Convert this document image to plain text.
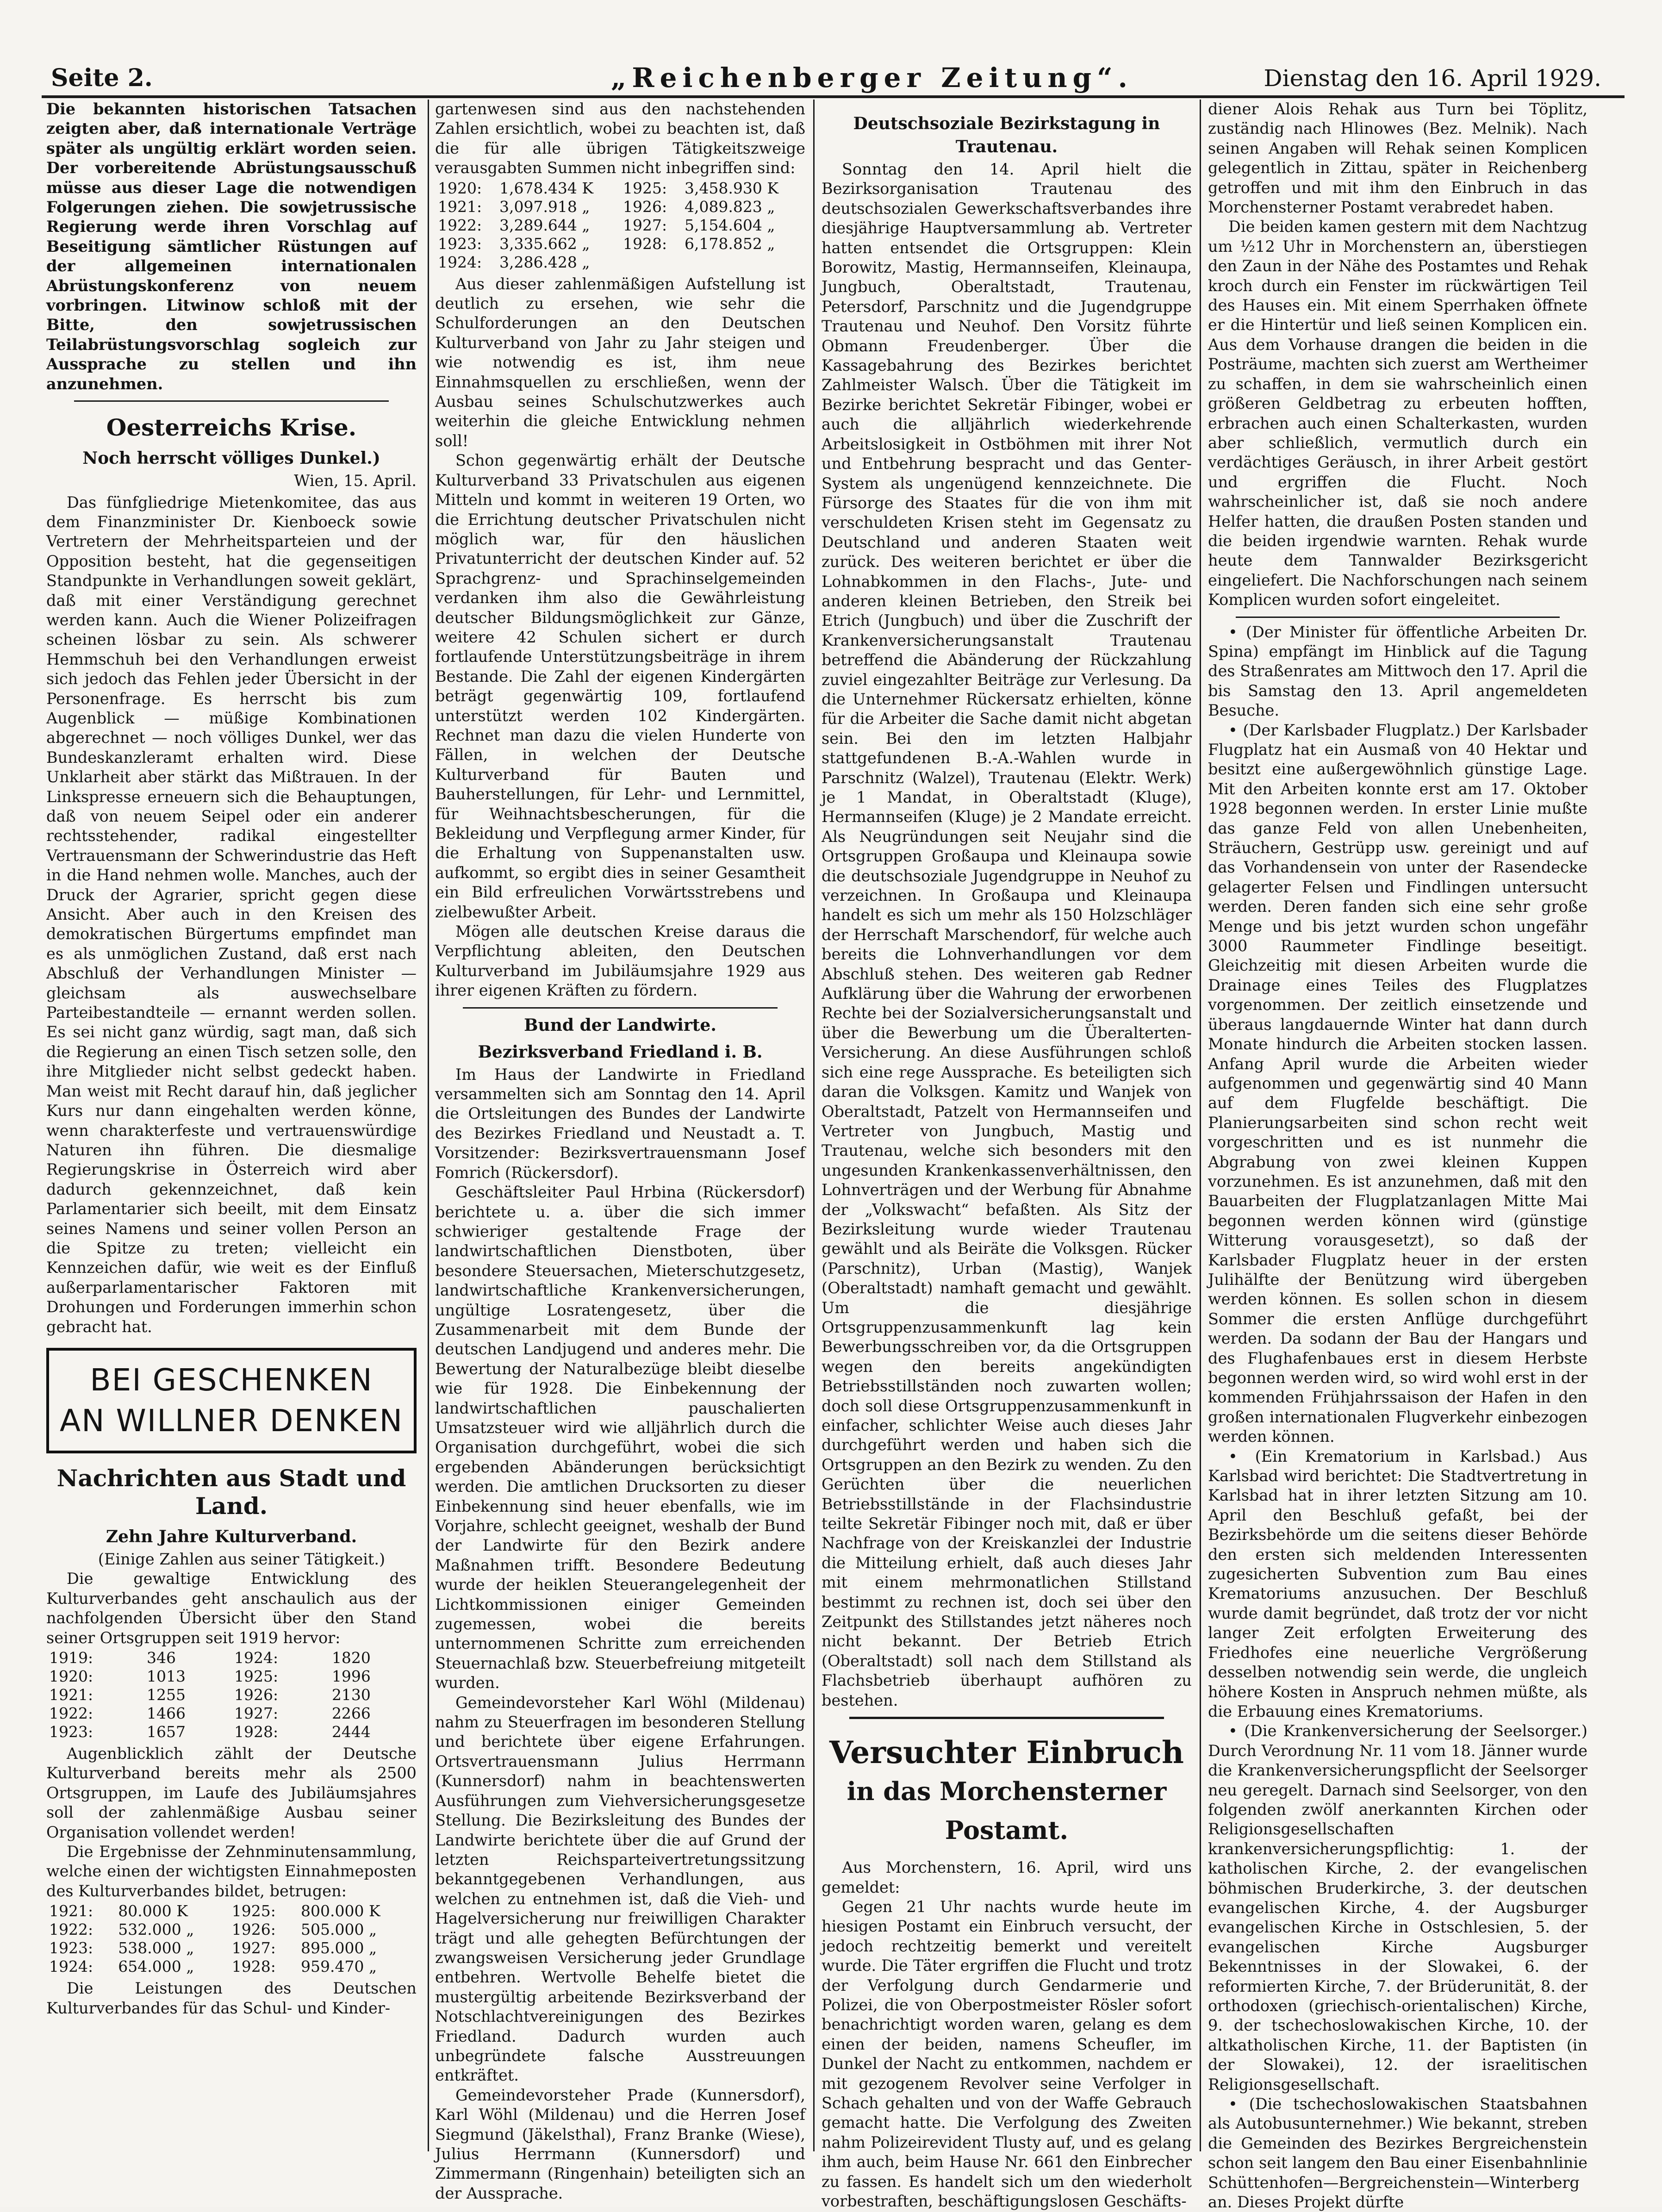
Seite 2.	„Reichenberger Zeitung“.	Dienstag den 16. April 1929.

Die bekannten historischen Tatsachen zeigten aber, daß internationale Verträge später als ungültig erklärt worden seien. Der vorbereitende Abrüstungsausschuß müsse aus dieser Lage die notwendigen Folgerungen ziehen. Die sowjetrussische Regierung werde ihren Vorschlag auf Beseitigung sämtlicher Rüstungen auf der allgemeinen internationalen Abrüstungskonferenz von neuem vorbringen. Litwinow schloß mit der Bitte, den sowjetrussischen Teilabrüstungsvorschlag sogleich zur Aussprache zu stellen und ihn anzunehmen.

Oesterreichs Krise.
Noch herrscht völliges Dunkel.)

Wien, 15. April.

Das fünfgliedrige Mietenkomitee, das aus dem Finanzminister Dr. Kienboeck sowie Vertretern der Mehrheitsparteien und der Opposition besteht, hat die gegenseitigen Standpunkte in Verhandlungen soweit geklärt, daß mit einer Verständigung gerechnet werden kann. Auch die Wiener Polizeifragen scheinen lösbar zu sein. Als schwerer Hemmschuh bei den Verhandlungen erweist sich jedoch das Fehlen jeder Übersicht in der Personenfrage. Es herrscht bis zum Augenblick — müßige Kombinationen abgerechnet — noch völliges Dunkel, wer das Bundeskanzleramt erhalten wird. Diese Unklarheit aber stärkt das Mißtrauen. In der Linkspresse erneuern sich die Behauptungen, daß von neuem Seipel oder ein anderer rechtsstehender, radikal eingestellter Vertrauensmann der Schwerindustrie das Heft in die Hand nehmen wolle. Manches, auch der Druck der Agrarier, spricht gegen diese Ansicht. Aber auch in den Kreisen des demokratischen Bürgertums empfindet man es als unmöglichen Zustand, daß erst nach Abschluß der Verhandlungen Minister — gleichsam als auswechselbare Parteibestandteile — ernannt werden sollen. Es sei nicht ganz würdig, sagt man, daß sich die Regierung an einen Tisch setzen solle, den ihre Mitglieder nicht selbst gedeckt haben. Man weist mit Recht darauf hin, daß jeglicher Kurs nur dann eingehalten werden könne, wenn charakterfeste und vertrauenswürdige Naturen ihn führen. Die diesmalige Regierungskrise in Österreich wird aber dadurch gekennzeichnet, daß kein Parlamentarier sich beeilt, mit dem Einsatz seines Namens und seiner vollen Person an die Spitze zu treten; vielleicht ein Kennzeichen dafür, wie weit es der Einfluß außerparlamentarischer Faktoren mit Drohungen und Forderungen immerhin schon gebracht hat.

BEI GESCHENKEN
AN WILLNER DENKEN
Nachrichten aus Stadt und Land.
Zehn Jahre Kulturverband.

(Einige Zahlen aus seiner Tätigkeit.)

Die gewaltige Entwicklung des Kulturverbandes geht anschaulich aus der nachfolgenden Übersicht über den Stand seiner Ortsgruppen seit 1919 hervor:

1919:	346	1924:	1820
1920:	1013	1925:	1996
1921:	1255	1926:	2130
1922:	1466	1927:	2266
1923:	1657	1928:	2444

Augenblicklich zählt der Deutsche Kulturverband bereits mehr als 2500 Ortsgruppen, im Laufe des Jubiläumsjahres soll der zahlenmäßige Ausbau seiner Organisation vollendet werden!

Die Ergebnisse der Zehnminutensammlung, welche einen der wichtigsten Einnahmeposten des Kulturverbandes bildet, betrugen:

1921:	80.000 K	1925:	800.000 K
1922:	532.000 „	1926:	505.000 „
1923:	538.000 „	1927:	895.000 „
1924:	654.000 „	1928:	959.470 „

Die Leistungen des Deutschen Kulturverbandes für das Schul- und Kinder-

gartenwesen sind aus den nachstehenden Zahlen ersichtlich, wobei zu beachten ist, daß die für alle übrigen Tätigkeitszweige verausgabten Summen nicht inbegriffen sind:

1920:	1,678.434 K	1925:	3,458.930 K
1921:	3,097.918 „	1926:	4,089.823 „
1922:	3,289.644 „	1927:	5,154.604 „
1923:	3,335.662 „	1928:	6,178.852 „
1924:	3,286.428 „		

Aus dieser zahlenmäßigen Aufstellung ist deutlich zu ersehen, wie sehr die Schulforderungen an den Deutschen Kulturverband von Jahr zu Jahr steigen und wie notwendig es ist, ihm neue Einnahmsquellen zu erschließen, wenn der Ausbau seines Schulschutzwerkes auch weiterhin die gleiche Entwicklung nehmen soll!

Schon gegenwärtig erhält der Deutsche Kulturverband 33 Privatschulen aus eigenen Mitteln und kommt in weiteren 19 Orten, wo die Errichtung deutscher Privatschulen nicht möglich war, für den häuslichen Privatunterricht der deutschen Kinder auf. 52 Sprachgrenz- und Sprachinselgemeinden verdanken ihm also die Gewährleistung deutscher Bildungsmöglichkeit zur Gänze, weitere 42 Schulen sichert er durch fortlaufende Unterstützungsbeiträge in ihrem Bestande. Die Zahl der eigenen Kindergärten beträgt gegenwärtig 109, fortlaufend unterstützt werden 102 Kindergärten. Rechnet man dazu die vielen Hunderte von Fällen, in welchen der Deutsche Kulturverband für Bauten und Bauherstellungen, für Lehr- und Lernmittel, für Weihnachtsbescherungen, für die Bekleidung und Verpflegung armer Kinder, für die Erhaltung von Suppenanstalten usw. aufkommt, so ergibt dies in seiner Gesamtheit ein Bild erfreulichen Vorwärtsstrebens und zielbewußter Arbeit.

Mögen alle deutschen Kreise daraus die Verpflichtung ableiten, den Deutschen Kulturverband im Jubiläumsjahre 1929 aus ihrer eigenen Kräften zu fördern.

Bund der Landwirte.
Bezirksverband Friedland i. B.

Im Haus der Landwirte in Friedland versammelten sich am Sonntag den 14. April die Ortsleitungen des Bundes der Landwirte des Bezirkes Friedland und Neustadt a. T. Vorsitzender: Bezirksvertrauensmann Josef Fomrich (Rückersdorf).

Geschäftsleiter Paul Hrbina (Rückersdorf) berichtete u. a. über die sich immer schwieriger gestaltende Frage der landwirtschaftlichen Dienstboten, über besondere Steuersachen, Mieterschutzgesetz, landwirtschaftliche Krankenversicherungen, ungültige Losratengesetz, über die Zusammenarbeit mit dem Bunde der deutschen Landjugend und anderes mehr. Die Bewertung der Naturalbezüge bleibt dieselbe wie für 1928. Die Einbekennung der landwirtschaftlichen pauschalierten Umsatzsteuer wird wie alljährlich durch die Organisation durchgeführt, wobei die sich ergebenden Abänderungen berücksichtigt werden. Die amtlichen Drucksorten zu dieser Einbekennung sind heuer ebenfalls, wie im Vorjahre, schlecht geeignet, weshalb der Bund der Landwirte für den Bezirk andere Maßnahmen trifft. Besondere Bedeutung wurde der heiklen Steuerangelegenheit der Lichtkommissionen einiger Gemeinden zugemessen, wobei die bereits unternommenen Schritte zum erreichenden Steuernachlaß bzw. Steuerbefreiung mitgeteilt wurden.

Gemeindevorsteher Karl Wöhl (Mildenau) nahm zu Steuerfragen im besonderen Stellung und berichtete über eigene Erfahrungen. Ortsvertrauensmann Julius Herrmann (Kunnersdorf) nahm in beachtenswerten Ausführungen zum Viehversicherungsgesetze Stellung. Die Bezirksleitung des Bundes der Landwirte berichtete über die auf Grund der letzten Reichsparteivertretungssitzung bekanntgegebenen Verhandlungen, aus welchen zu entnehmen ist, daß die Vieh- und Hagelversicherung nur freiwilligen Charakter trägt und alle gehegten Befürchtungen der zwangsweisen Versicherung jeder Grundlage entbehren. Wertvolle Behelfe bietet die mustergültig arbeitende Bezirksverband der Notschlachtvereinigungen des Bezirkes Friedland. Dadurch wurden auch unbegründete falsche Ausstreuungen entkräftet.

Gemeindevorsteher Prade (Kunnersdorf), Karl Wöhl (Mildenau) und die Herren Josef Siegmund (Jäkelsthal), Franz Branke (Wiese), Julius Herrmann (Kunnersdorf) und Zimmermann (Ringenhain) beteiligten sich an der Aussprache.

Deutschsoziale Bezirkstagung in
Trautenau.

Sonntag den 14. April hielt die Bezirksorganisation Trautenau des deutschsozialen Gewerkschaftsverbandes ihre diesjährige Hauptversammlung ab. Vertreter hatten entsendet die Ortsgruppen: Klein Borowitz, Mastig, Hermannseifen, Kleinaupa, Jungbuch, Oberaltstadt, Trautenau, Petersdorf, Parschnitz und die Jugendgruppe Trautenau und Neuhof. Den Vorsitz führte Obmann Freudenberger. Über die Kassagebahrung des Bezirkes berichtet Zahlmeister Walsch. Über die Tätigkeit im Bezirke berichtet Sekretär Fibinger, wobei er auch die alljährlich wiederkehrende Arbeitslosigkeit in Ostböhmen mit ihrer Not und Entbehrung bespracht und das Genter-System als ungenügend kennzeichnete. Die Fürsorge des Staates für die von ihm mit verschuldeten Krisen steht im Gegensatz zu Deutschland und anderen Staaten weit zurück. Des weiteren berichtet er über die Lohnabkommen in den Flachs-, Jute- und anderen kleinen Betrieben, den Streik bei Etrich (Jungbuch) und über die Zuschrift der Krankenversicherungsanstalt Trautenau betreffend die Abänderung der Rückzahlung zuviel eingezahlter Beiträge zur Verlesung. Da die Unternehmer Rückersatz erhielten, könne für die Arbeiter die Sache damit nicht abgetan sein. Bei den im letzten Halbjahr stattgefundenen B.-A.-Wahlen wurde in Parschnitz (Walzel), Trautenau (Elektr. Werk) je 1 Mandat, in Oberaltstadt (Kluge), Hermannseifen (Kluge) je 2 Mandate erreicht. Als Neugründungen seit Neujahr sind die Ortsgruppen Großaupa und Kleinaupa sowie die deutschsoziale Jugendgruppe in Neuhof zu verzeichnen. In Großaupa und Kleinaupa handelt es sich um mehr als 150 Holzschläger der Herrschaft Marschendorf, für welche auch bereits die Lohnverhandlungen vor dem Abschluß stehen. Des weiteren gab Redner Aufklärung über die Wahrung der erworbenen Rechte bei der Sozialversicherungsanstalt und über die Bewerbung um die Überalterten-Versicherung. An diese Ausführungen schloß sich eine rege Aussprache. Es beteiligten sich daran die Volksgen. Kamitz und Wanjek von Oberaltstadt, Patzelt von Hermannseifen und Vertreter von Jungbuch, Mastig und Trautenau, welche sich besonders mit den ungesunden Krankenkassenverhältnissen, den Lohnverträgen und der Werbung für Abnahme der „Volkswacht“ befaßten. Als Sitz der Bezirksleitung wurde wieder Trautenau gewählt und als Beiräte die Volksgen. Rücker (Parschnitz), Urban (Mastig), Wanjek (Oberaltstadt) namhaft gemacht und gewählt. Um die diesjährige Ortsgruppenzusammenkunft lag kein Bewerbungsschreiben vor, da die Ortsgruppen wegen den bereits angekündigten Betriebsstillständen noch zuwarten wollen; doch soll diese Ortsgruppenzusammenkunft in einfacher, schlichter Weise auch dieses Jahr durchgeführt werden und haben sich die Ortsgruppen an den Bezirk zu wenden. Zu den Gerüchten über die neuerlichen Betriebsstillstände in der Flachsindustrie teilte Sekretär Fibinger noch mit, daß er über Nachfrage von der Kreiskanzlei der Industrie die Mitteilung erhielt, daß auch dieses Jahr mit einem mehrmonatlichen Stillstand bestimmt zu rechnen ist, doch sei über den Zeitpunkt des Stillstandes jetzt näheres noch nicht bekannt. Der Betrieb Etrich (Oberaltstadt) soll nach dem Stillstand als Flachsbetrieb überhaupt aufhören zu bestehen.

Versuchter Einbruch
in das Morchensterner Postamt.

Aus Morchenstern, 16. April, wird uns gemeldet:

Gegen 21 Uhr nachts wurde heute im hiesigen Postamt ein Einbruch versucht, der jedoch rechtzeitig bemerkt und vereitelt wurde. Die Täter ergriffen die Flucht und trotz der Verfolgung durch Gendarmerie und Polizei, die von Oberpostmeister Rösler sofort benachrichtigt worden waren, gelang es dem einen der beiden, namens Scheufler, im Dunkel der Nacht zu entkommen, nachdem er mit gezogenem Revolver seine Verfolger in Schach gehalten und von der Waffe Gebrauch gemacht hatte. Die Verfolgung des Zweiten nahm Polizeirevident Tlusty auf, und es gelang ihm auch, beim Hause Nr. 661 den Einbrecher zu fassen. Es handelt sich um den wiederholt vorbestraften, beschäftigungslosen Geschäfts-

diener Alois Rehak aus Turn bei Töplitz, zuständig nach Hlinowes (Bez. Melnik). Nach seinen Angaben will Rehak seinen Komplicen gelegentlich in Zittau, später in Reichenberg getroffen und mit ihm den Einbruch in das Morchensterner Postamt verabredet haben.

Die beiden kamen gestern mit dem Nachtzug um ½12 Uhr in Morchenstern an, überstiegen den Zaun in der Nähe des Postamtes und Rehak kroch durch ein Fenster im rückwärtigen Teil des Hauses ein. Mit einem Sperrhaken öffnete er die Hintertür und ließ seinen Komplicen ein. Aus dem Vorhause drangen die beiden in die Posträume, machten sich zuerst am Wertheimer zu schaffen, in dem sie wahrscheinlich einen größeren Geldbetrag zu erbeuten hofften, erbrachen auch einen Schalterkasten, wurden aber schließlich, vermutlich durch ein verdächtiges Geräusch, in ihrer Arbeit gestört und ergriffen die Flucht. Noch wahrscheinlicher ist, daß sie noch andere Helfer hatten, die draußen Posten standen und die beiden irgendwie warnten. Rehak wurde heute dem Tannwalder Bezirksgericht eingeliefert. Die Nachforschungen nach seinem Komplicen wurden sofort eingeleitet.

• (Der Minister für öffentliche Arbeiten Dr. Spina) empfängt im Hinblick auf die Tagung des Straßenrates am Mittwoch den 17. April die bis Samstag den 13. April angemeldeten Besuche.

• (Der Karlsbader Flugplatz.) Der Karlsbader Flugplatz hat ein Ausmaß von 40 Hektar und besitzt eine außergewöhnlich günstige Lage. Mit den Arbeiten konnte erst am 17. Oktober 1928 begonnen werden. In erster Linie mußte das ganze Feld von allen Unebenheiten, Sträuchern, Gestrüpp usw. gereinigt und auf das Vorhandensein von unter der Rasendecke gelagerter Felsen und Findlingen untersucht werden. Deren fanden sich eine sehr große Menge und bis jetzt wurden schon ungefähr 3000 Raummeter Findlinge beseitigt. Gleichzeitig mit diesen Arbeiten wurde die Drainage eines Teiles des Flugplatzes vorgenommen. Der zeitlich einsetzende und überaus langdauernde Winter hat dann durch Monate hindurch die Arbeiten stocken lassen. Anfang April wurde die Arbeiten wieder aufgenommen und gegenwärtig sind 40 Mann auf dem Flugfelde beschäftigt. Die Planierungsarbeiten sind schon recht weit vorgeschritten und es ist nunmehr die Abgrabung von zwei kleinen Kuppen vorzunehmen. Es ist anzunehmen, daß mit den Bauarbeiten der Flugplatzanlagen Mitte Mai begonnen werden können wird (günstige Witterung vorausgesetzt), so daß der Karlsbader Flugplatz heuer in der ersten Julihälfte der Benützung wird übergeben werden können. Es sollen schon in diesem Sommer die ersten Anflüge durchgeführt werden. Da sodann der Bau der Hangars und des Flughafenbaues erst in diesem Herbste begonnen werden wird, so wird wohl erst in der kommenden Frühjahrssaison der Hafen in den großen internationalen Flugverkehr einbezogen werden können.

• (Ein Krematorium in Karlsbad.) Aus Karlsbad wird berichtet: Die Stadtvertretung in Karlsbad hat in ihrer letzten Sitzung am 10. April den Beschluß gefaßt, bei der Bezirksbehörde um die seitens dieser Behörde den ersten sich meldenden Interessenten zugesicherten Subvention zum Bau eines Krematoriums anzusuchen. Der Beschluß wurde damit begründet, daß trotz der vor nicht langer Zeit erfolgten Erweiterung des Friedhofes eine neuerliche Vergrößerung desselben notwendig sein werde, die ungleich höhere Kosten in Anspruch nehmen müßte, als die Erbauung eines Krematoriums.

• (Die Krankenversicherung der Seelsorger.) Durch Verordnung Nr. 11 vom 18. Jänner wurde die Krankenversicherungspflicht der Seelsorger neu geregelt. Darnach sind Seelsorger, von den folgenden zwölf anerkannten Kirchen oder Religionsgesellschaften krankenversicherungspflichtig: 1. der katholischen Kirche, 2. der evangelischen böhmischen Bruderkirche, 3. der deutschen evangelischen Kirche, 4. der Augsburger evangelischen Kirche in Ostschlesien, 5. der evangelischen Kirche Augsburger Bekenntnisses in der Slowakei, 6. der reformierten Kirche, 7. der Brüderunität, 8. der orthodoxen (griechisch-orientalischen) Kirche, 9. der tschechoslowakischen Kirche, 10. der altkatholischen Kirche, 11. der Baptisten (in der Slowakei), 12. der israelitischen Religionsgesellschaft.

• (Die tschechoslowakischen Staatsbahnen als Autobusunternehmer.) Wie bekannt, streben die Gemeinden des Bezirkes Bergreichenstein schon seit langem den Bau einer Eisenbahnlinie Schüttenhofen—Bergreichenstein—Winterberg an. Dieses Projekt dürfte
